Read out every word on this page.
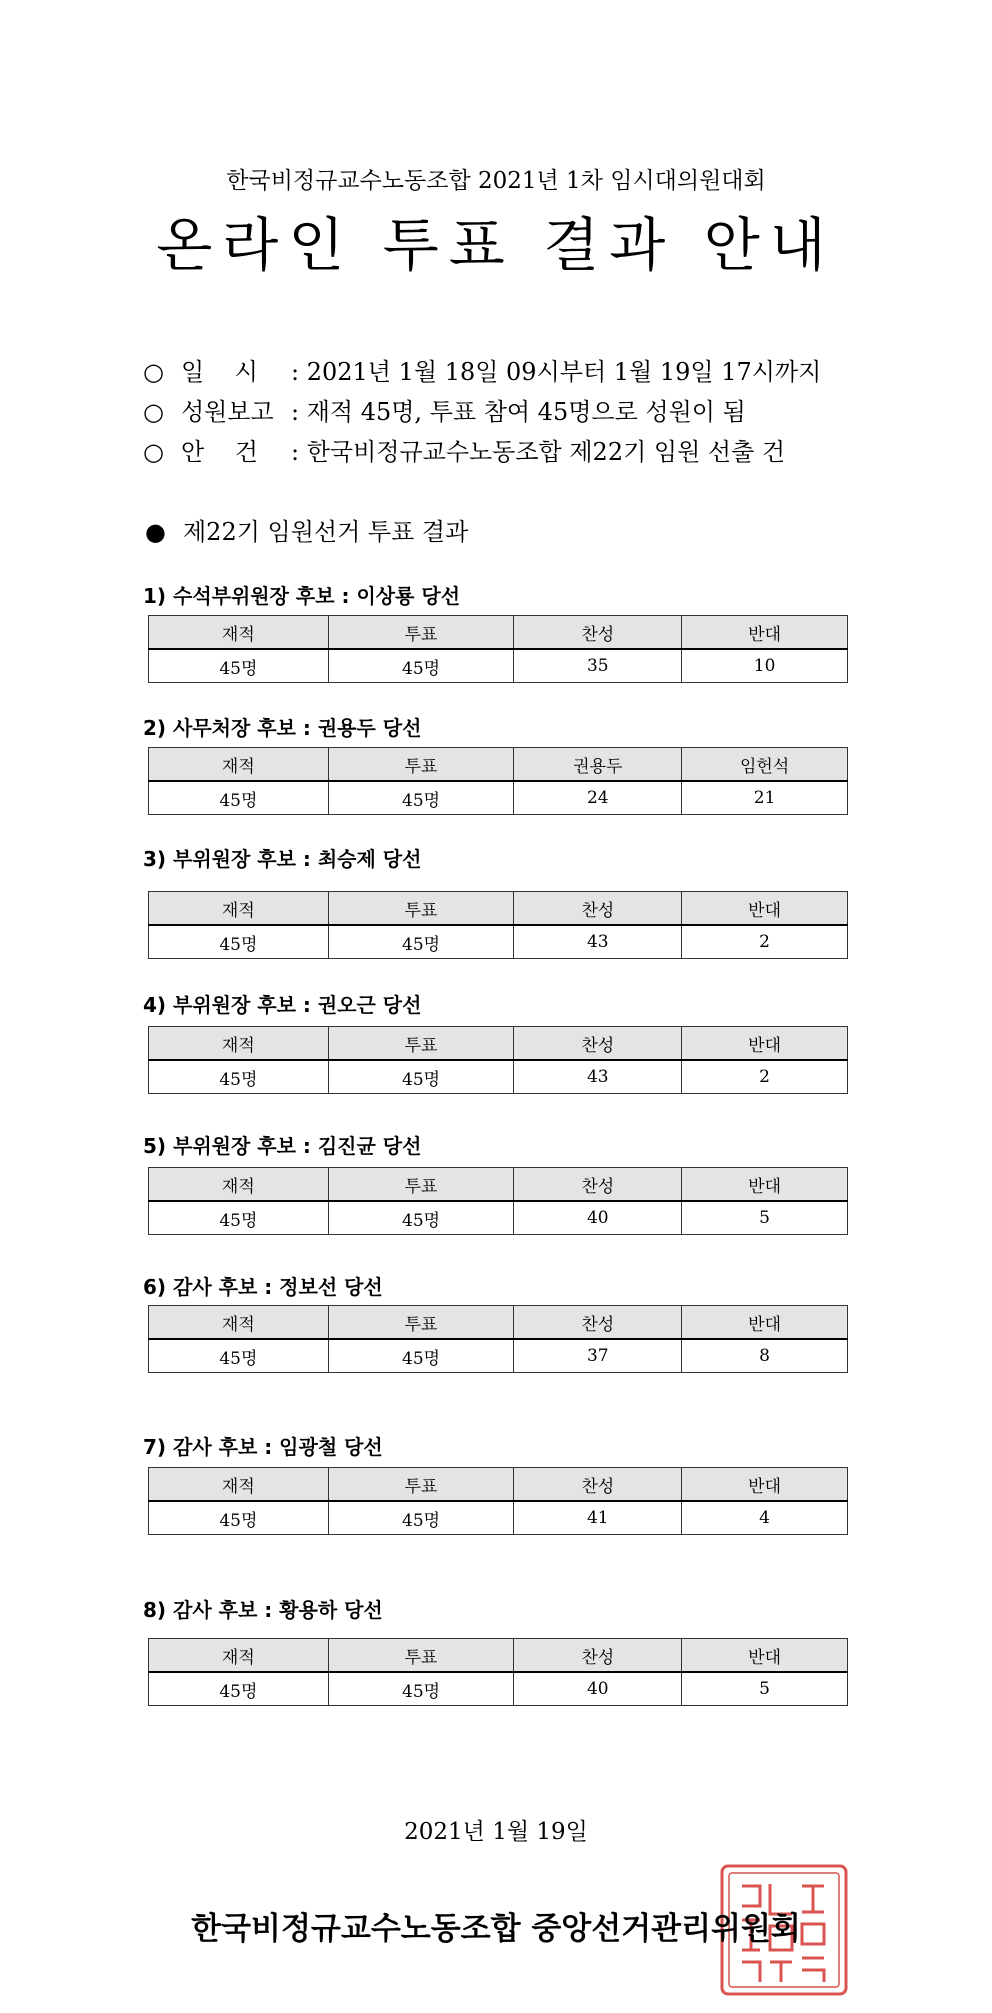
한국비정규교수노동조합 2021년 1차 임시대의원대회
온라인 투표 결과 안내
○ 일    시 : 2021년 1월 18일 09시부터 1월 19일 17시까지
○ 성원보고 : 재적 45명, 투표 참여 45명으로 성원이 됨
○ 안    건 : 한국비정규교수노동조합 제22기 임원 선출 건
● 제22기 임원선거 투표 결과
1) 수석부위원장 후보 : 이상룡 당선
재적	투표	찬성	반대
45명	45명	35	10
2) 사무처장 후보 : 권용두 당선
재적	투표	권용두	임헌석
45명	45명	24	21
3) 부위원장 후보 : 최승제 당선
재적	투표	찬성	반대
45명	45명	43	2
4) 부위원장 후보 : 권오근 당선
재적	투표	찬성	반대
45명	45명	43	2
5) 부위원장 후보 : 김진균 당선
재적	투표	찬성	반대
45명	45명	40	5
6) 감사 후보 : 정보선 당선
재적	투표	찬성	반대
45명	45명	37	8
7) 감사 후보 : 임광철 당선
재적	투표	찬성	반대
45명	45명	41	4
8) 감사 후보 : 황용하 당선
재적	투표	찬성	반대
45명	45명	40	5
2021년 1월 19일
한국비정규교수노동조합 중앙선거관리위원회
